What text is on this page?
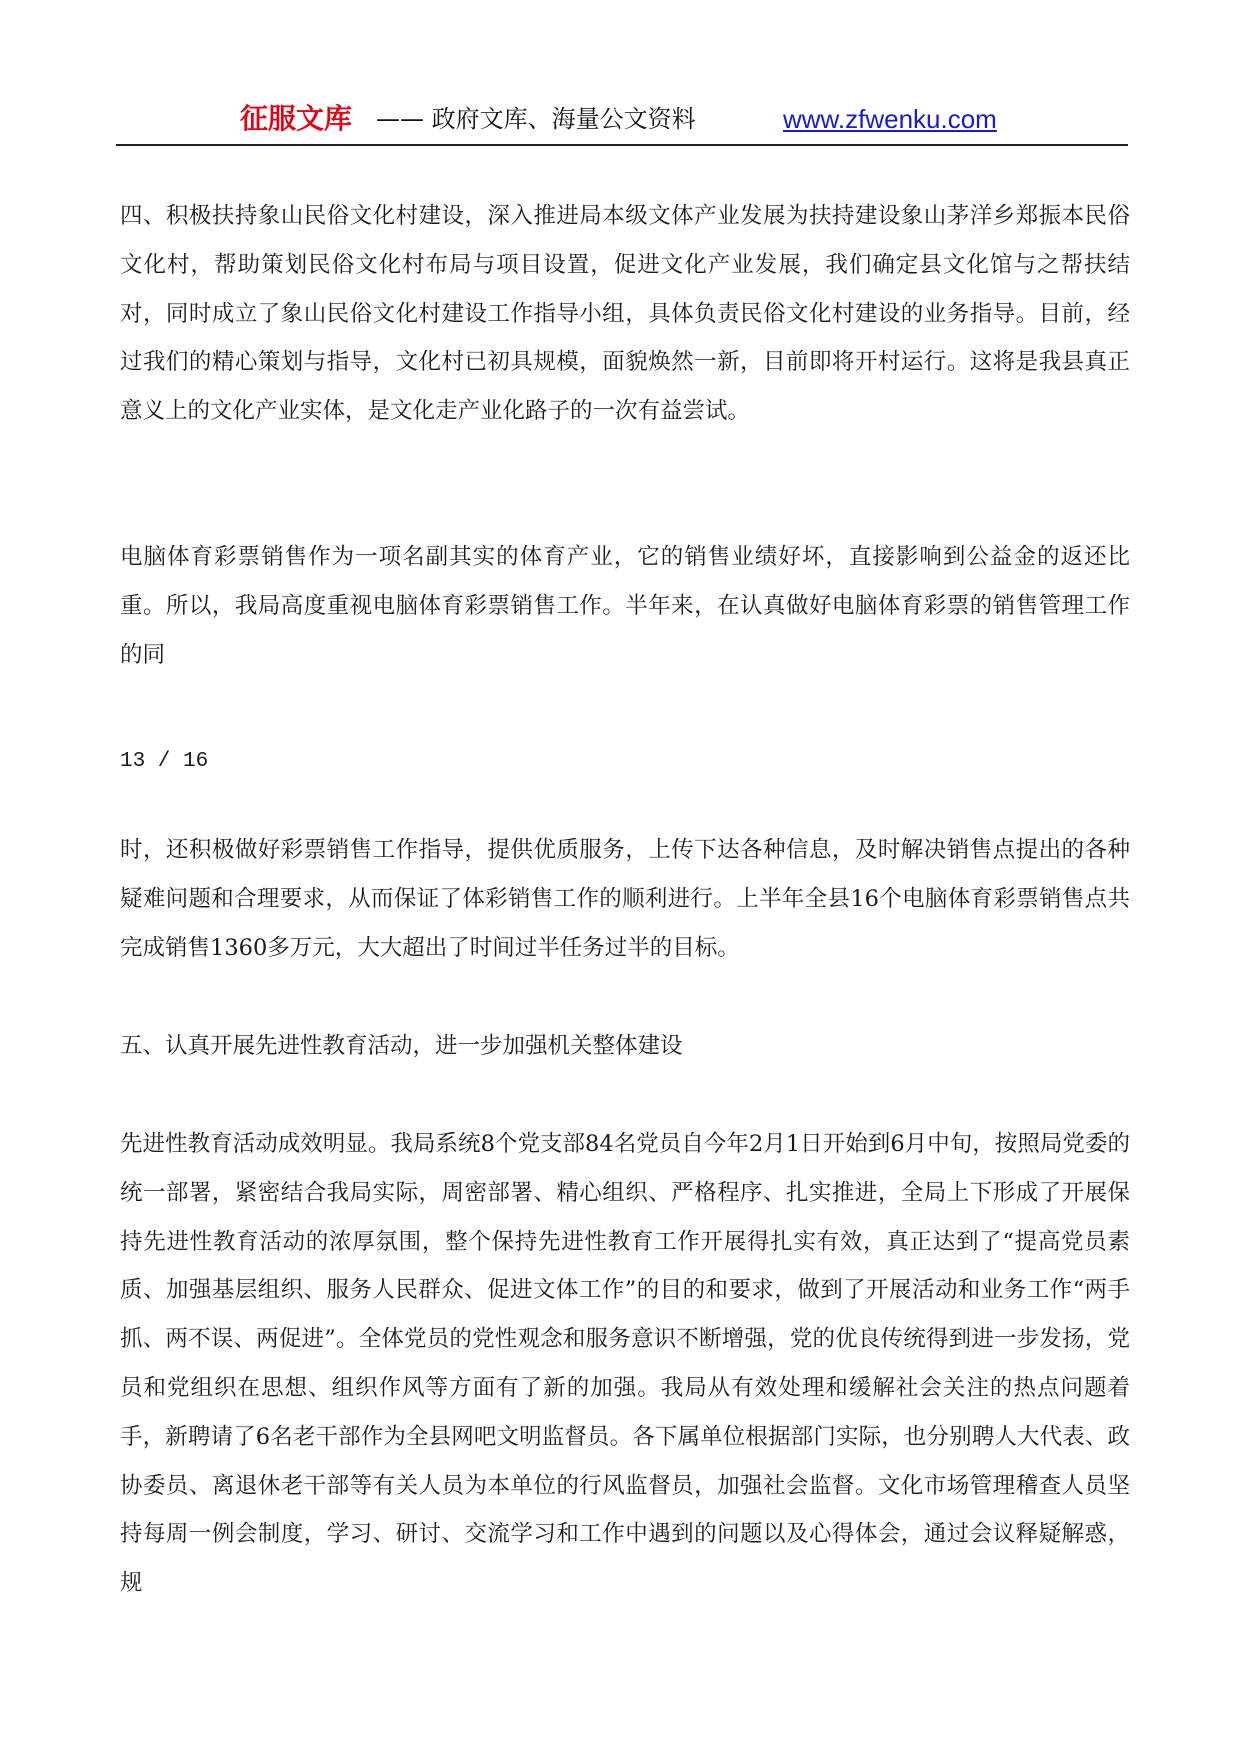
征服文库 —— 政府文库、海量公文资料	www.zfwenku.com

四、积极扶持象山民俗文化村建设，深入推进局本级文体产业发展为扶持建设象山茅洋乡郑振本民俗文化村，帮助策划民俗文化村布局与项目设置，促进文化产业发展，我们确定县文化馆与之帮扶结对，同时成立了象山民俗文化村建设工作指导小组，具体负责民俗文化村建设的业务指导。目前，经过我们的精心策划与指导，文化村已初具规模，面貌焕然一新，目前即将开村运行。这将是我县真正意义上的文化产业实体，是文化走产业化路子的一次有益尝试。

电脑体育彩票销售作为一项名副其实的体育产业，它的销售业绩好坏，直接影响到公益金的返还比重。所以，我局高度重视电脑体育彩票销售工作。半年来，在认真做好电脑体育彩票的销售管理工作的同

13 / 16

时，还积极做好彩票销售工作指导，提供优质服务，上传下达各种信息，及时解决销售点提出的各种疑难问题和合理要求，从而保证了体彩销售工作的顺利进行。上半年全县16个电脑体育彩票销售点共完成销售1360多万元，大大超出了时间过半任务过半的目标。

五、认真开展先进性教育活动，进一步加强机关整体建设

先进性教育活动成效明显。我局系统8个党支部84名党员自今年2月1日开始到6月中旬，按照局党委的统一部署，紧密结合我局实际，周密部署、精心组织、严格程序、扎实推进，全局上下形成了开展保持先进性教育活动的浓厚氛围，整个保持先进性教育工作开展得扎实有效，真正达到了“提高党员素质、加强基层组织、服务人民群众、促进文体工作”的目的和要求，做到了开展活动和业务工作“两手抓、两不误、两促进”。全体党员的党性观念和服务意识不断增强，党的优良传统得到进一步发扬，党员和党组织在思想、组织作风等方面有了新的加强。我局从有效处理和缓解社会关注的热点问题着手，新聘请了6名老干部作为全县网吧文明监督员。各下属单位根据部门实际，也分别聘人大代表、政协委员、离退休老干部等有关人员为本单位的行风监督员，加强社会监督。文化市场管理稽查人员坚持每周一例会制度，学习、研讨、交流学习和工作中遇到的问题以及心得体会，通过会议释疑解惑，规
